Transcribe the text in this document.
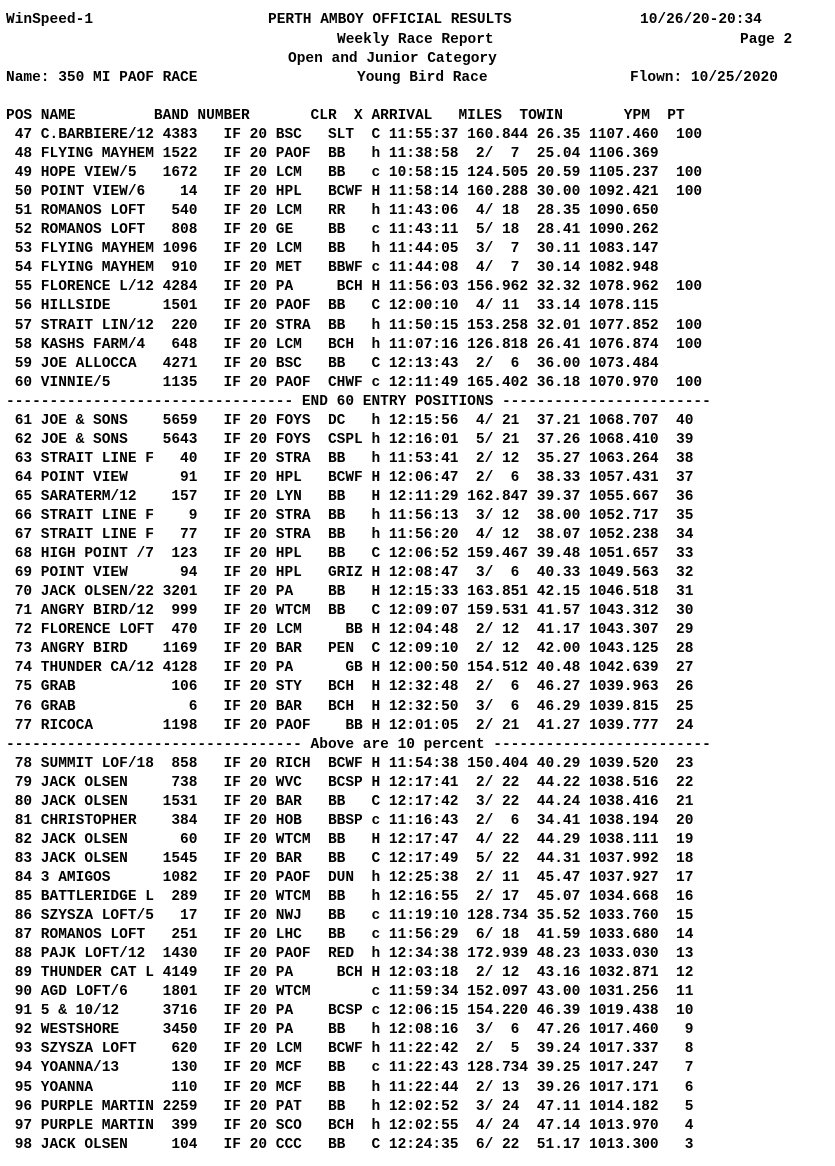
WinSpeed-1	PERTH AMBOY OFFICIAL RESULTS	10/26/20-20:34
Weekly Race Report	Page 2
Open and Junior Category
Name: 350 MI PAOF RACE	Young Bird Race	Flown: 10/25/2020
POS NAME         BAND NUMBER       CLR  X ARRIVAL   MILES  TOWIN       YPM  PT
47 C.BARBIERE/12 4383   IF 20 BSC   SLT  C 11:55:37 160.844 26.35 1107.460  100
48 FLYING MAYHEM 1522   IF 20 PAOF  BB   h 11:38:58  2/  7  25.04 1106.369
49 HOPE VIEW/5   1672   IF 20 LCM   BB   c 10:58:15 124.505 20.59 1105.237  100
50 POINT VIEW/6    14   IF 20 HPL   BCWF H 11:58:14 160.288 30.00 1092.421  100
51 ROMANOS LOFT   540   IF 20 LCM   RR   h 11:43:06  4/ 18  28.35 1090.650
52 ROMANOS LOFT   808   IF 20 GE    BB   c 11:43:11  5/ 18  28.41 1090.262
53 FLYING MAYHEM 1096   IF 20 LCM   BB   h 11:44:05  3/  7  30.11 1083.147
54 FLYING MAYHEM  910   IF 20 MET   BBWF c 11:44:08  4/  7  30.14 1082.948
55 FLORENCE L/12 4284   IF 20 PA     BCH H 11:56:03 156.962 32.32 1078.962  100
56 HILLSIDE      1501   IF 20 PAOF  BB   C 12:00:10  4/ 11  33.14 1078.115
57 STRAIT LIN/12  220   IF 20 STRA  BB   h 11:50:15 153.258 32.01 1077.852  100
58 KASHS FARM/4   648   IF 20 LCM   BCH  h 11:07:16 126.818 26.41 1076.874  100
59 JOE ALLOCCA   4271   IF 20 BSC   BB   C 12:13:43  2/  6  36.00 1073.484
60 VINNIE/5      1135   IF 20 PAOF  CHWF c 12:11:49 165.402 36.18 1070.970  100
--------------------------------- END 60 ENTRY POSITIONS ------------------------
61 JOE & SONS    5659   IF 20 FOYS  DC   h 12:15:56  4/ 21  37.21 1068.707  40
62 JOE & SONS    5643   IF 20 FOYS  CSPL h 12:16:01  5/ 21  37.26 1068.410  39
63 STRAIT LINE F   40   IF 20 STRA  BB   h 11:53:41  2/ 12  35.27 1063.264  38
64 POINT VIEW      91   IF 20 HPL   BCWF H 12:06:47  2/  6  38.33 1057.431  37
65 SARATERM/12    157   IF 20 LYN   BB   H 12:11:29 162.847 39.37 1055.667  36
66 STRAIT LINE F    9   IF 20 STRA  BB   h 11:56:13  3/ 12  38.00 1052.717  35
67 STRAIT LINE F   77   IF 20 STRA  BB   h 11:56:20  4/ 12  38.07 1052.238  34
68 HIGH POINT /7  123   IF 20 HPL   BB   C 12:06:52 159.467 39.48 1051.657  33
69 POINT VIEW      94   IF 20 HPL   GRIZ H 12:08:47  3/  6  40.33 1049.563  32
70 JACK OLSEN/22 3201   IF 20 PA    BB   H 12:15:33 163.851 42.15 1046.518  31
71 ANGRY BIRD/12  999   IF 20 WTCM  BB   C 12:09:07 159.531 41.57 1043.312  30
72 FLORENCE LOFT  470   IF 20 LCM     BB H 12:04:48  2/ 12  41.17 1043.307  29
73 ANGRY BIRD    1169   IF 20 BAR   PEN  C 12:09:10  2/ 12  42.00 1043.125  28
74 THUNDER CA/12 4128   IF 20 PA      GB H 12:00:50 154.512 40.48 1042.639  27
75 GRAB           106   IF 20 STY   BCH  H 12:32:48  2/  6  46.27 1039.963  26
76 GRAB             6   IF 20 BAR   BCH  H 12:32:50  3/  6  46.29 1039.815  25
77 RICOCA        1198   IF 20 PAOF    BB H 12:01:05  2/ 21  41.27 1039.777  24
---------------------------------- Above are 10 percent -------------------------
78 SUMMIT LOF/18  858   IF 20 RICH  BCWF H 11:54:38 150.404 40.29 1039.520  23
79 JACK OLSEN     738   IF 20 WVC   BCSP H 12:17:41  2/ 22  44.22 1038.516  22
80 JACK OLSEN    1531   IF 20 BAR   BB   C 12:17:42  3/ 22  44.24 1038.416  21
81 CHRISTOPHER    384   IF 20 HOB   BBSP c 11:16:43  2/  6  34.41 1038.194  20
82 JACK OLSEN      60   IF 20 WTCM  BB   H 12:17:47  4/ 22  44.29 1038.111  19
83 JACK OLSEN    1545   IF 20 BAR   BB   C 12:17:49  5/ 22  44.31 1037.992  18
84 3 AMIGOS      1082   IF 20 PAOF  DUN  h 12:25:38  2/ 11  45.47 1037.927  17
85 BATTLERIDGE L  289   IF 20 WTCM  BB   h 12:16:55  2/ 17  45.07 1034.668  16
86 SZYSZA LOFT/5   17   IF 20 NWJ   BB   c 11:19:10 128.734 35.52 1033.760  15
87 ROMANOS LOFT   251   IF 20 LHC   BB   c 11:56:29  6/ 18  41.59 1033.680  14
88 PAJK LOFT/12  1430   IF 20 PAOF  RED  h 12:34:38 172.939 48.23 1033.030  13
89 THUNDER CAT L 4149   IF 20 PA     BCH H 12:03:18  2/ 12  43.16 1032.871  12
90 AGD LOFT/6    1801   IF 20 WTCM       c 11:59:34 152.097 43.00 1031.256  11
91 5 & 10/12     3716   IF 20 PA    BCSP c 12:06:15 154.220 46.39 1019.438  10
92 WESTSHORE     3450   IF 20 PA    BB   h 12:08:16  3/  6  47.26 1017.460   9
93 SZYSZA LOFT    620   IF 20 LCM   BCWF h 11:22:42  2/  5  39.24 1017.337   8
94 YOANNA/13      130   IF 20 MCF   BB   c 11:22:43 128.734 39.25 1017.247   7
95 YOANNA         110   IF 20 MCF   BB   h 11:22:44  2/ 13  39.26 1017.171   6
96 PURPLE MARTIN 2259   IF 20 PAT   BB   h 12:02:52  3/ 24  47.11 1014.182   5
97 PURPLE MARTIN  399   IF 20 SCO   BCH  h 12:02:55  4/ 24  47.14 1013.970   4
98 JACK OLSEN     104   IF 20 CCC   BB   C 12:24:35  6/ 22  51.17 1013.300   3
